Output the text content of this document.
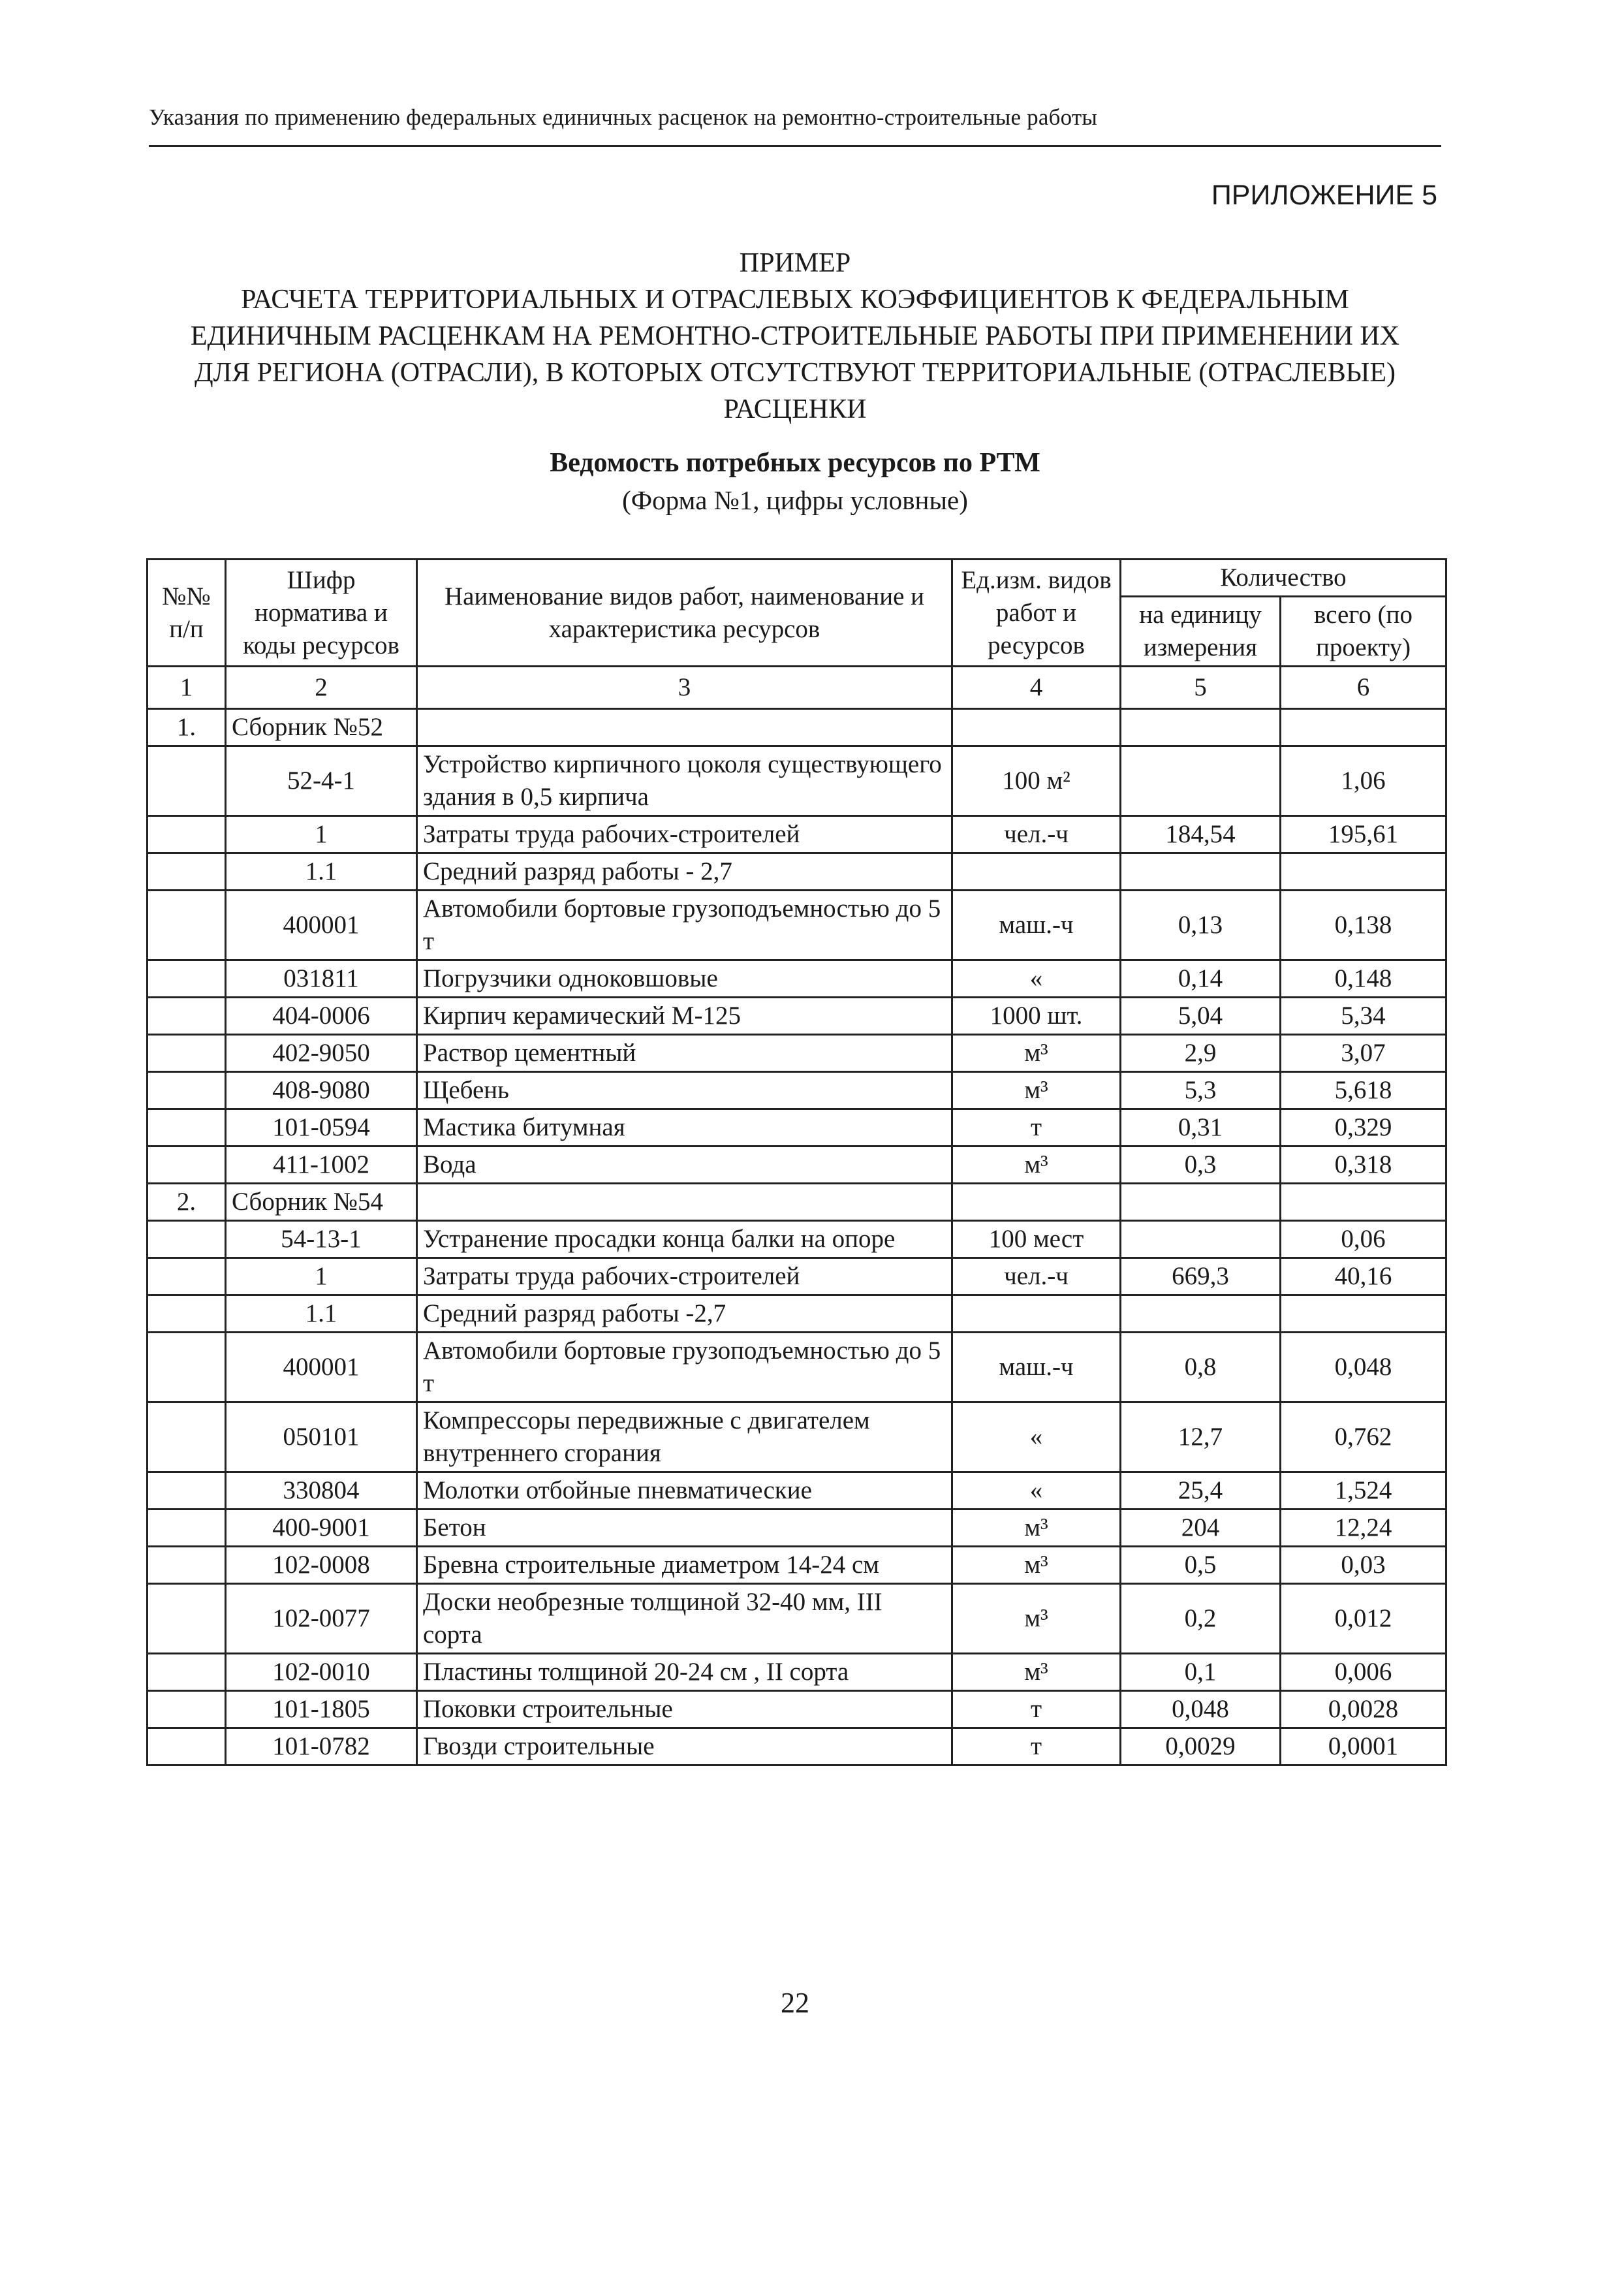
Указания по применению федеральных единичных расценок на ремонтно-строительные работы
ПРИЛОЖЕНИЕ 5
ПРИМЕР
РАСЧЕТА ТЕРРИТОРИАЛЬНЫХ И ОТРАСЛЕВЫХ КОЭФФИЦИЕНТОВ К ФЕДЕРАЛЬНЫМ
ЕДИНИЧНЫМ РАСЦЕНКАМ НА РЕМОНТНО-СТРОИТЕЛЬНЫЕ РАБОТЫ ПРИ ПРИМЕНЕНИИ ИХ
ДЛЯ РЕГИОНА (ОТРАСЛИ), В КОТОРЫХ ОТСУТСТВУЮТ ТЕРРИТОРИАЛЬНЫЕ (ОТРАСЛЕВЫЕ)
РАСЦЕНКИ
Ведомость потребных ресурсов по РТМ
(Форма №1, цифры условные)
№№ п/п	Шифр норматива и коды ресурсов	Наименование видов работ, наименование и характеристика ресурсов	Ед.изм. видов работ и ресурсов	Количество	
				на единицу измерения	всего (по проекту)
1	2	3	4	5	6
1.	Сборник №52				
	52-4-1	Устройство кирпичного цоколя существующего здания в 0,5 кирпича	100 м²		1,06
	1	Затраты труда рабочих-строителей	чел.-ч	184,54	195,61
	1.1	Средний разряд работы - 2,7			
	400001	Автомобили бортовые грузоподъемностью до 5 т	маш.-ч	0,13	0,138
	031811	Погрузчики одноковшовые	«	0,14	0,148
	404-0006	Кирпич керамический М-125	1000 шт.	5,04	5,34
	402-9050	Раствор цементный	м³	2,9	3,07
	408-9080	Щебень	м³	5,3	5,618
	101-0594	Мастика битумная	т	0,31	0,329
	411-1002	Вода	м³	0,3	0,318
2.	Сборник №54				
	54-13-1	Устранение просадки конца балки на опоре	100 мест		0,06
	1	Затраты труда рабочих-строителей	чел.-ч	669,3	40,16
	1.1	Средний разряд работы -2,7			
	400001	Автомобили бортовые грузоподъемностью до 5 т	маш.-ч	0,8	0,048
	050101	Компрессоры передвижные с двигателем внутреннего сгорания	«	12,7	0,762
	330804	Молотки отбойные пневматические	«	25,4	1,524
	400-9001	Бетон	м³	204	12,24
	102-0008	Бревна строительные диаметром 14-24 см	м³	0,5	0,03
	102-0077	Доски необрезные толщиной 32-40 мм, III сорта	м³	0,2	0,012
	102-0010	Пластины толщиной 20-24 см , II сорта	м³	0,1	0,006
	101-1805	Поковки строительные	т	0,048	0,0028
	101-0782	Гвозди строительные	т	0,0029	0,0001
22
